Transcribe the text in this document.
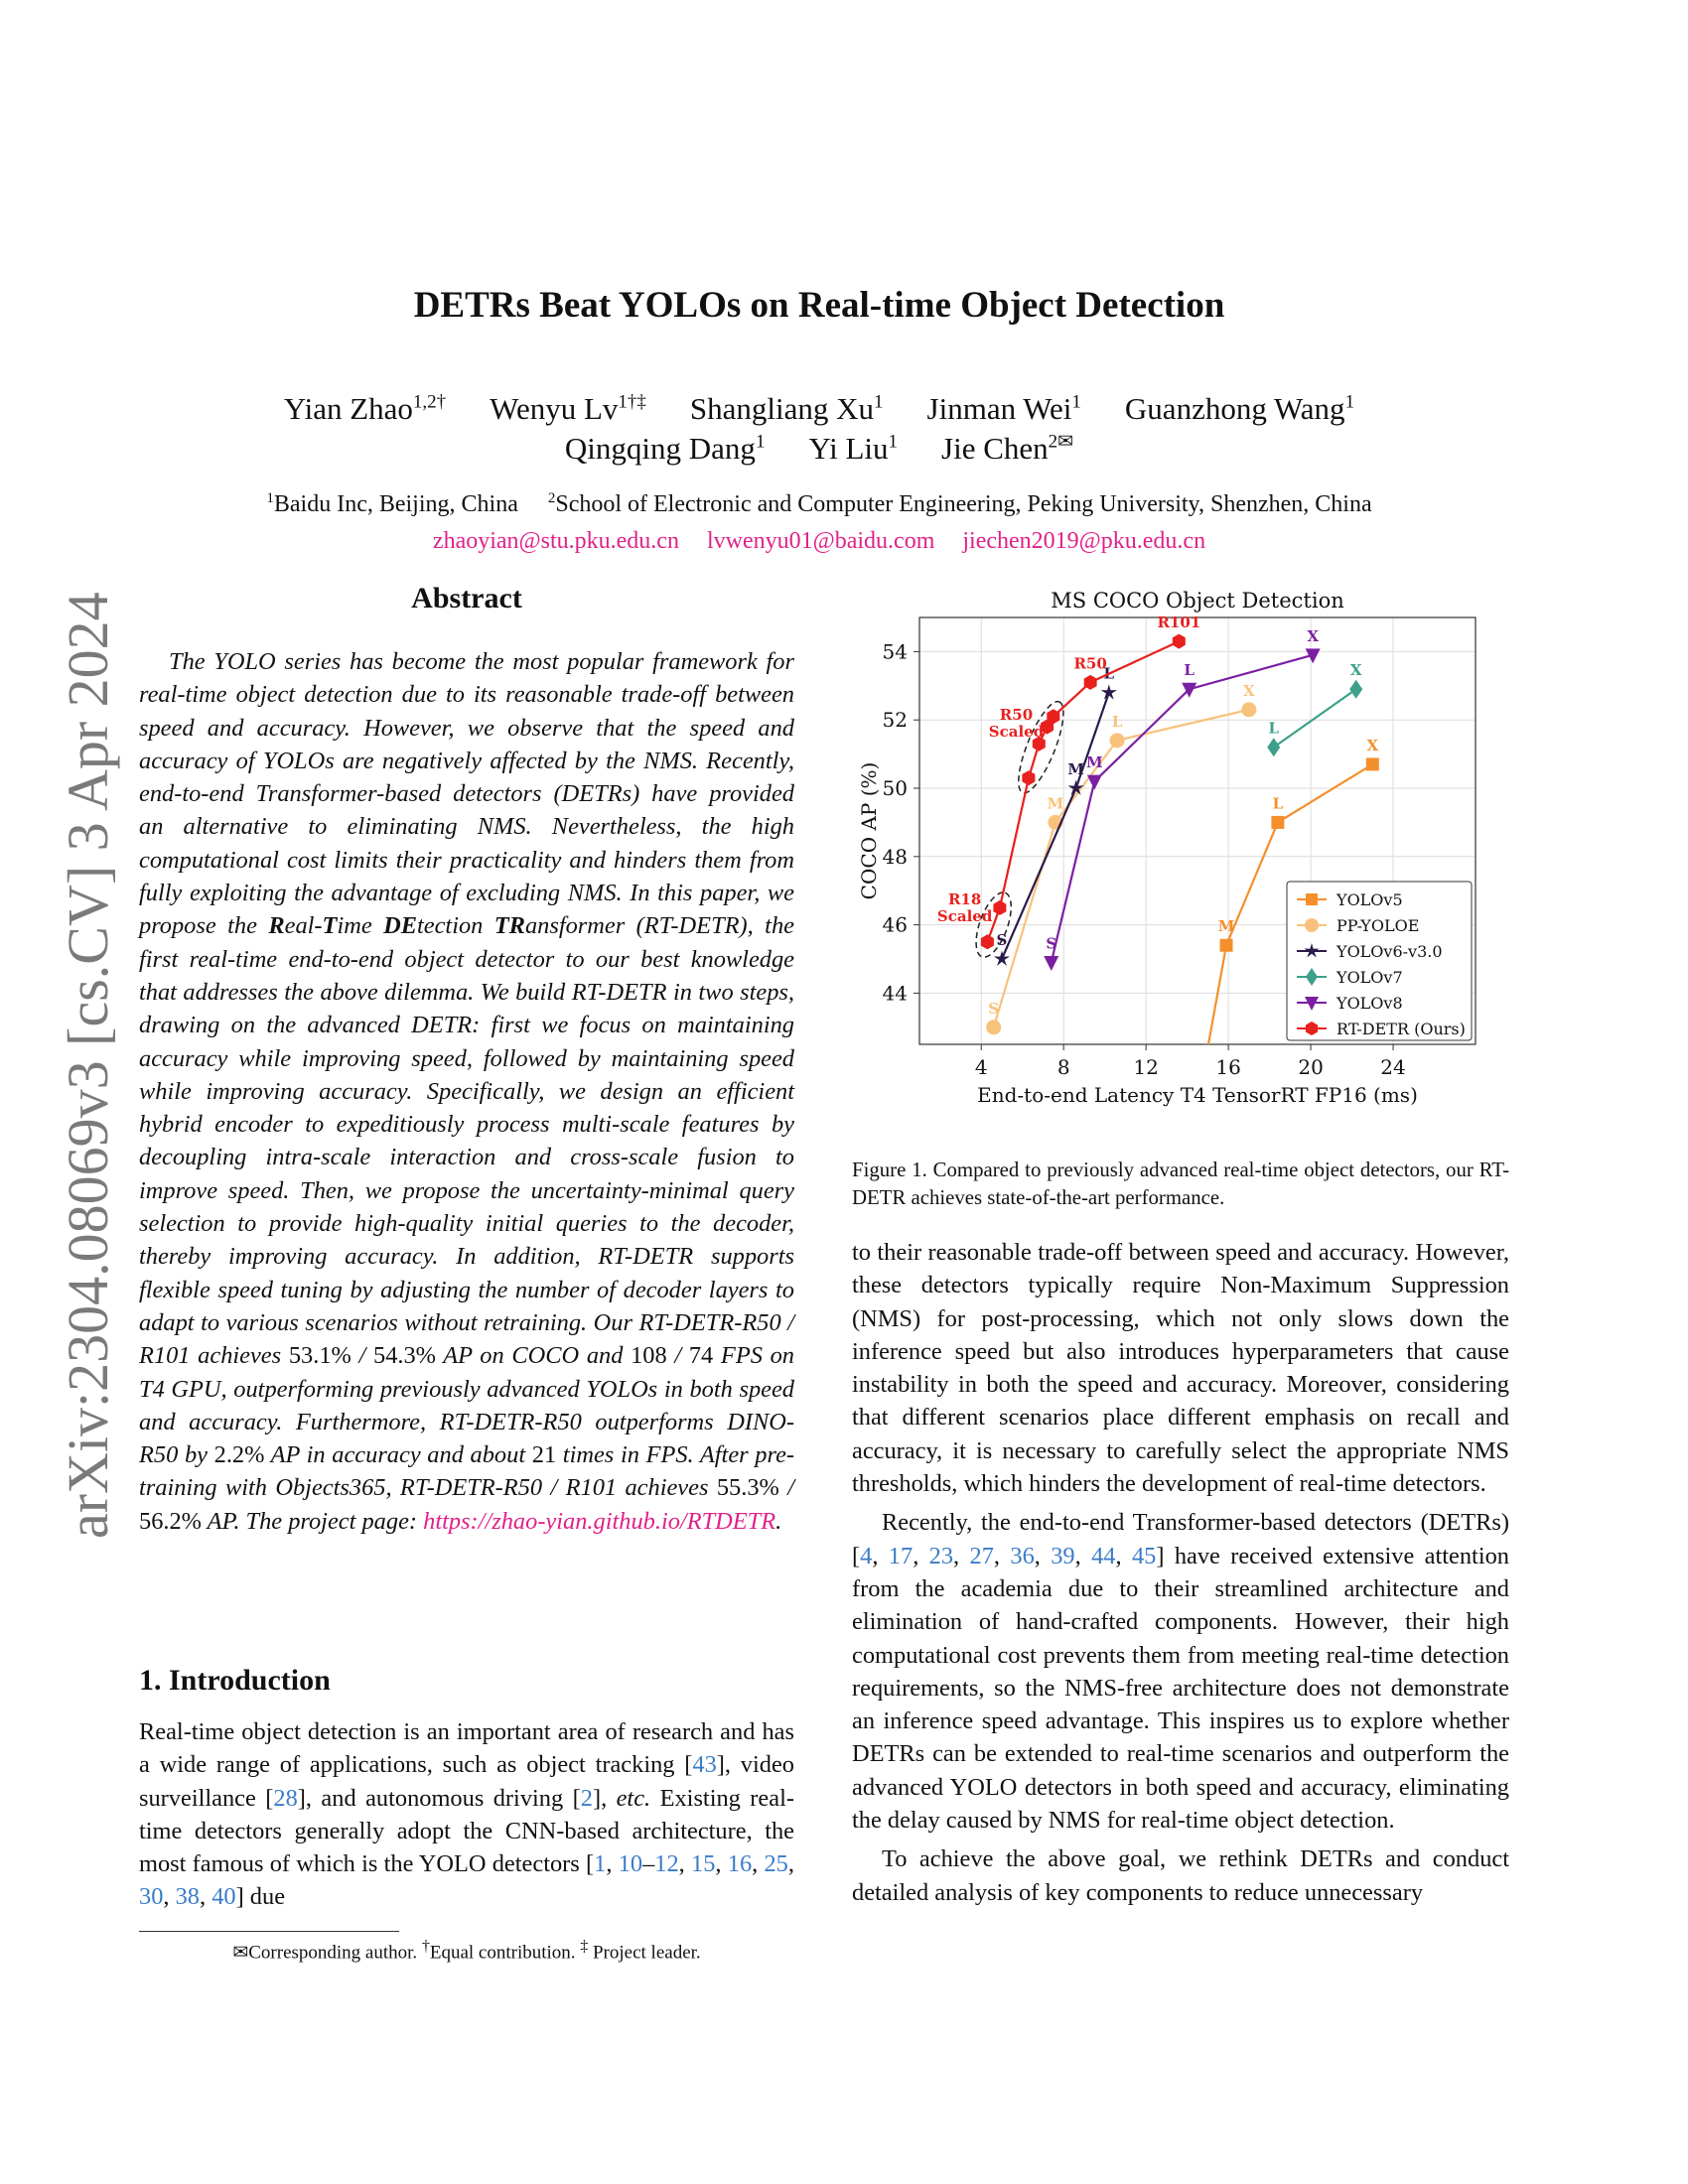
arXiv:2304.08069v3 [cs.CV] 3 Apr 2024
DETRs Beat YOLOs on Real-time Object Detection
Yian Zhao$^{1,2\dagger}$ Wenyu $Lv^{1\dagger\ddagger}$ Shangliang Xu$^1$ Jinman Wei$^1$ Guanzhong Wang$^1$
Qingqing Dang$^1$ Yi Liu$^1$ Jie Chen$^{2✉}$
$^1$Baidu Inc, Beijing, China $^2$School of Electronic and Computer Engineering, Peking University, Shenzhen, China
zhaoyian@stu.pku.edu.cn lvwenyu01@baidu.com jiechen2019@pku.edu.cn
Abstract
The YOLO series has become the most popular framework for real-time object detection due to its reasonable trade-off between speed and accuracy. However, we observe that the speed and accuracy of YOLOs are negatively affected by the NMS. Recently, end-to-end Transformer-based detectors (DETRs) have provided an alternative to eliminating NMS. Nevertheless, the high computational cost limits their practicality and hinders them from fully exploiting the advantage of excluding NMS. In this paper, we propose the Real-Time DEtection TRansformer (RT-DETR), the first real-time end-to-end object detector to our best knowledge that addresses the above dilemma. We build RT-DETR in two steps, drawing on the advanced DETR: first we focus on maintaining accuracy while improving speed, followed by maintaining speed while improving accuracy. Specifically, we design an efficient hybrid encoder to expeditiously process multi-scale features by decoupling intra-scale interaction and cross-scale fusion to improve speed. Then, we propose the uncertainty-minimal query selection to provide high-quality initial queries to the decoder, thereby improving accuracy. In addition, RT-DETR supports flexible speed tuning by adjusting the number of decoder layers to adapt to various scenarios without retraining. Our RT-DETR-R50 / R101 achieves 53.1% / 54.3% AP on COCO and 108 / 74 FPS on T4 GPU, outperforming previously advanced YOLOs in both speed and accuracy. Furthermore, RT-DETR-R50 outperforms DINO-R50 by 2.2% AP in accuracy and about 21 times in FPS. After pre-training with Objects365, RT-DETR-R50 / R101 achieves 55.3% / 56.2% AP. The project page: https://zhao-yian.github.io/RTDETR.
1. Introduction
Real-time object detection is an important area of research and has a wide range of applications, such as object tracking [43], video surveillance [28], and autonomous driving [2], etc. Existing real-time detectors generally adopt the CNN-based architecture, the most famous of which is the YOLO detectors [1, 10–12, 15, 16, 25, 30, 38, 40] due
✉Corresponding author. †Equal contribution. ‡ Project leader.
MS COCO Object Detection
4	8	12	16	20	24
44
46
48
50
52
54
End-to-end Latency T4 TensorRT FP16 (ms)
COCO AP (%)
M
L
X
S
M
L
X
S
M
L
L
X
S
M
L
X
R50
R101
R50
Scaled
R18
Scaled
YOLOv5
PP-YOLOE
YOLOv6-v3.0
YOLOv7
YOLOv8
RT-DETR (Ours)
Figure 1. Compared to previously advanced real-time object detectors, our RT-DETR achieves state-of-the-art performance.

to their reasonable trade-off between speed and accuracy. However, these detectors typically require Non-Maximum Suppression (NMS) for post-processing, which not only slows down the inference speed but also introduces hyperparameters that cause instability in both the speed and accuracy. Moreover, considering that different scenarios place different emphasis on recall and accuracy, it is necessary to carefully select the appropriate NMS thresholds, which hinders the development of real-time detectors.

Recently, the end-to-end Transformer-based detectors (DETRs) [4, 17, 23, 27, 36, 39, 44, 45] have received extensive attention from the academia due to their streamlined architecture and elimination of hand-crafted components. However, their high computational cost prevents them from meeting real-time detection requirements, so the NMS-free architecture does not demonstrate an inference speed advantage. This inspires us to explore whether DETRs can be extended to real-time scenarios and outperform the advanced YOLO detectors in both speed and accuracy, eliminating the delay caused by NMS for real-time object detection.

To achieve the above goal, we rethink DETRs and conduct detailed analysis of key components to reduce unnecessary
